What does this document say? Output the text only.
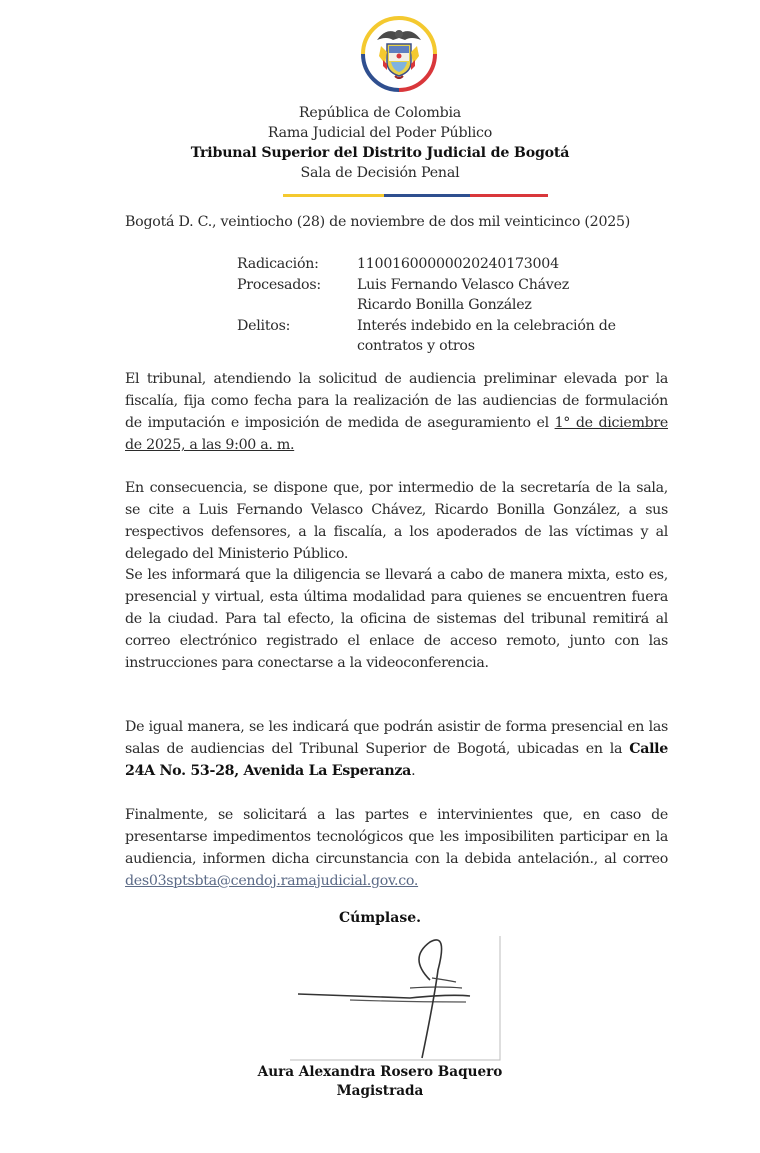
República de Colombia
Rama Judicial del Poder Público
Tribunal Superior del Distrito Judicial de Bogotá
Sala de Decisión Penal
Bogotá D. C., veintiocho (28) de noviembre de dos mil veinticinco (2025)
Radicación:	11001600000020240173004
Procesados:	Luis Fernando Velasco Chávez
Ricardo Bonilla González
Delitos:	Interés indebido en la celebración de
contratos y otros
El tribunal, atendiendo la solicitud de audiencia preliminar elevada por la fiscalía, fija como fecha para la realización de las audiencias de formulación de imputación e imposición de medida de aseguramiento el 1° de diciembre de 2025, a las 9:00 a. m.
En consecuencia, se dispone que, por intermedio de la secretaría de la sala, se cite a Luis Fernando Velasco Chávez, Ricardo Bonilla González, a sus respectivos defensores, a la fiscalía, a los apoderados de las víctimas y al delegado del Ministerio Público.
Se les informará que la diligencia se llevará a cabo de manera mixta, esto es, presencial y virtual, esta última modalidad para quienes se encuentren fuera de la ciudad. Para tal efecto, la oficina de sistemas del tribunal remitirá al correo electrónico registrado el enlace de acceso remoto, junto con las instrucciones para conectarse a la videoconferencia.
De igual manera, se les indicará que podrán asistir de forma presencial en las salas de audiencias del Tribunal Superior de Bogotá, ubicadas en la Calle 24A No. 53-28, Avenida La Esperanza.
Finalmente, se solicitará a las partes e intervinientes que, en caso de presentarse impedimentos tecnológicos que les imposibiliten participar en la audiencia, informen dicha circunstancia con la debida antelación., al correo des03sptsbta@cendoj.ramajudicial.gov.co.
Cúmplase.
Aura Alexandra Rosero Baquero
Magistrada
